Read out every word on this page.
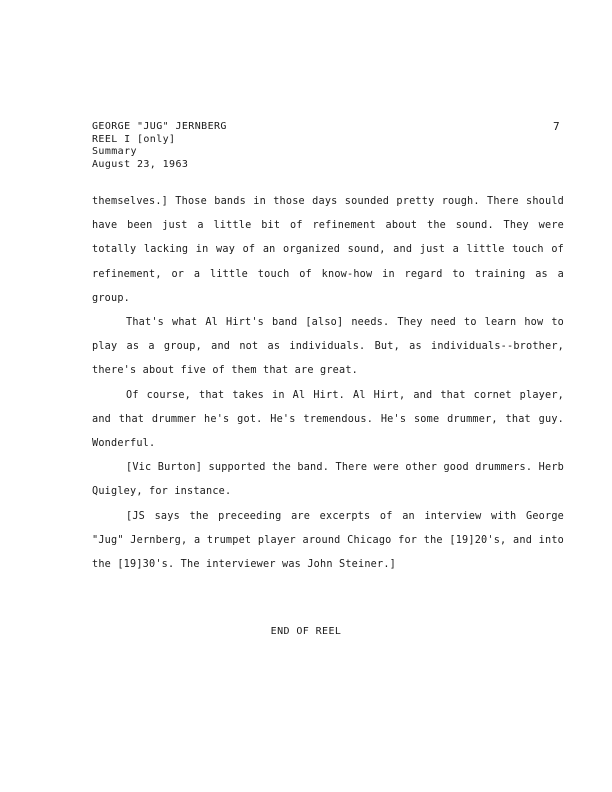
GEORGE "JUG" JERNBERG
REEL I [only]
Summary
August 23, 1963
7

themselves.] Those bands in those days sounded pretty rough. There should have been just a little bit of refinement about the sound. They were totally lacking in way of an organized sound, and just a little touch of refinement, or a little touch of know-how in regard to training as a group.

That's what Al Hirt's band [also] needs. They need to learn how to play as a group, and not as individuals. But, as individuals--brother, there's about five of them that are great.

Of course, that takes in Al Hirt. Al Hirt, and that cornet player, and that drummer he's got. He's tremendous. He's some drummer, that guy. Wonderful.

[Vic Burton] supported the band. There were other good drummers. Herb Quigley, for instance.

[JS says the preceeding are excerpts of an interview with George "Jug" Jernberg, a trumpet player around Chicago for the [19]20's, and into the [19]30's. The interviewer was John Steiner.]

END OF REEL
